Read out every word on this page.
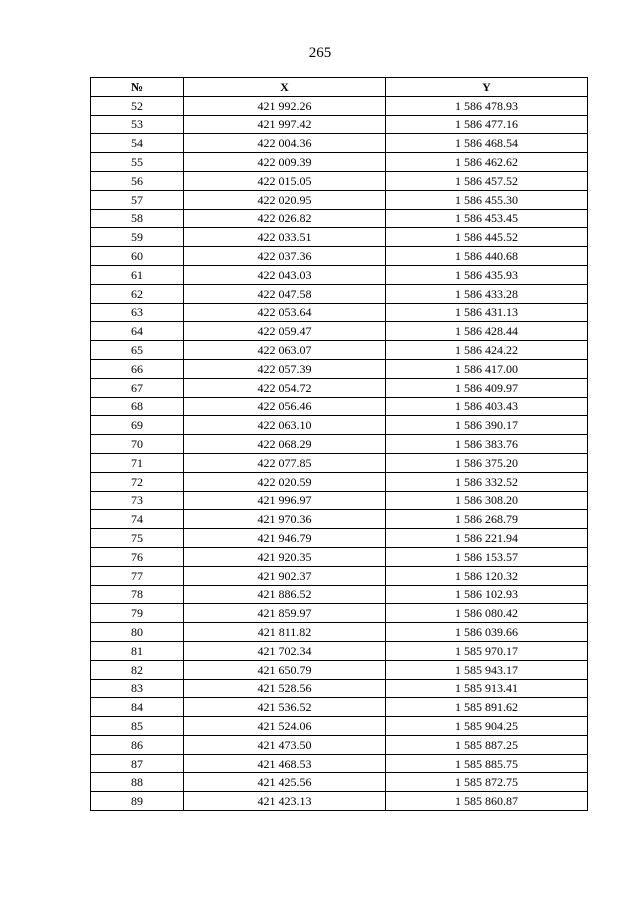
265
№	X	Y
52	421 992.26	1 586 478.93
53	421 997.42	1 586 477.16
54	422 004.36	1 586 468.54
55	422 009.39	1 586 462.62
56	422 015.05	1 586 457.52
57	422 020.95	1 586 455.30
58	422 026.82	1 586 453.45
59	422 033.51	1 586 445.52
60	422 037.36	1 586 440.68
61	422 043.03	1 586 435.93
62	422 047.58	1 586 433.28
63	422 053.64	1 586 431.13
64	422 059.47	1 586 428.44
65	422 063.07	1 586 424.22
66	422 057.39	1 586 417.00
67	422 054.72	1 586 409.97
68	422 056.46	1 586 403.43
69	422 063.10	1 586 390.17
70	422 068.29	1 586 383.76
71	422 077.85	1 586 375.20
72	422 020.59	1 586 332.52
73	421 996.97	1 586 308.20
74	421 970.36	1 586 268.79
75	421 946.79	1 586 221.94
76	421 920.35	1 586 153.57
77	421 902.37	1 586 120.32
78	421 886.52	1 586 102.93
79	421 859.97	1 586 080.42
80	421 811.82	1 586 039.66
81	421 702.34	1 585 970.17
82	421 650.79	1 585 943.17
83	421 528.56	1 585 913.41
84	421 536.52	1 585 891.62
85	421 524.06	1 585 904.25
86	421 473.50	1 585 887.25
87	421 468.53	1 585 885.75
88	421 425.56	1 585 872.75
89	421 423.13	1 585 860.87
